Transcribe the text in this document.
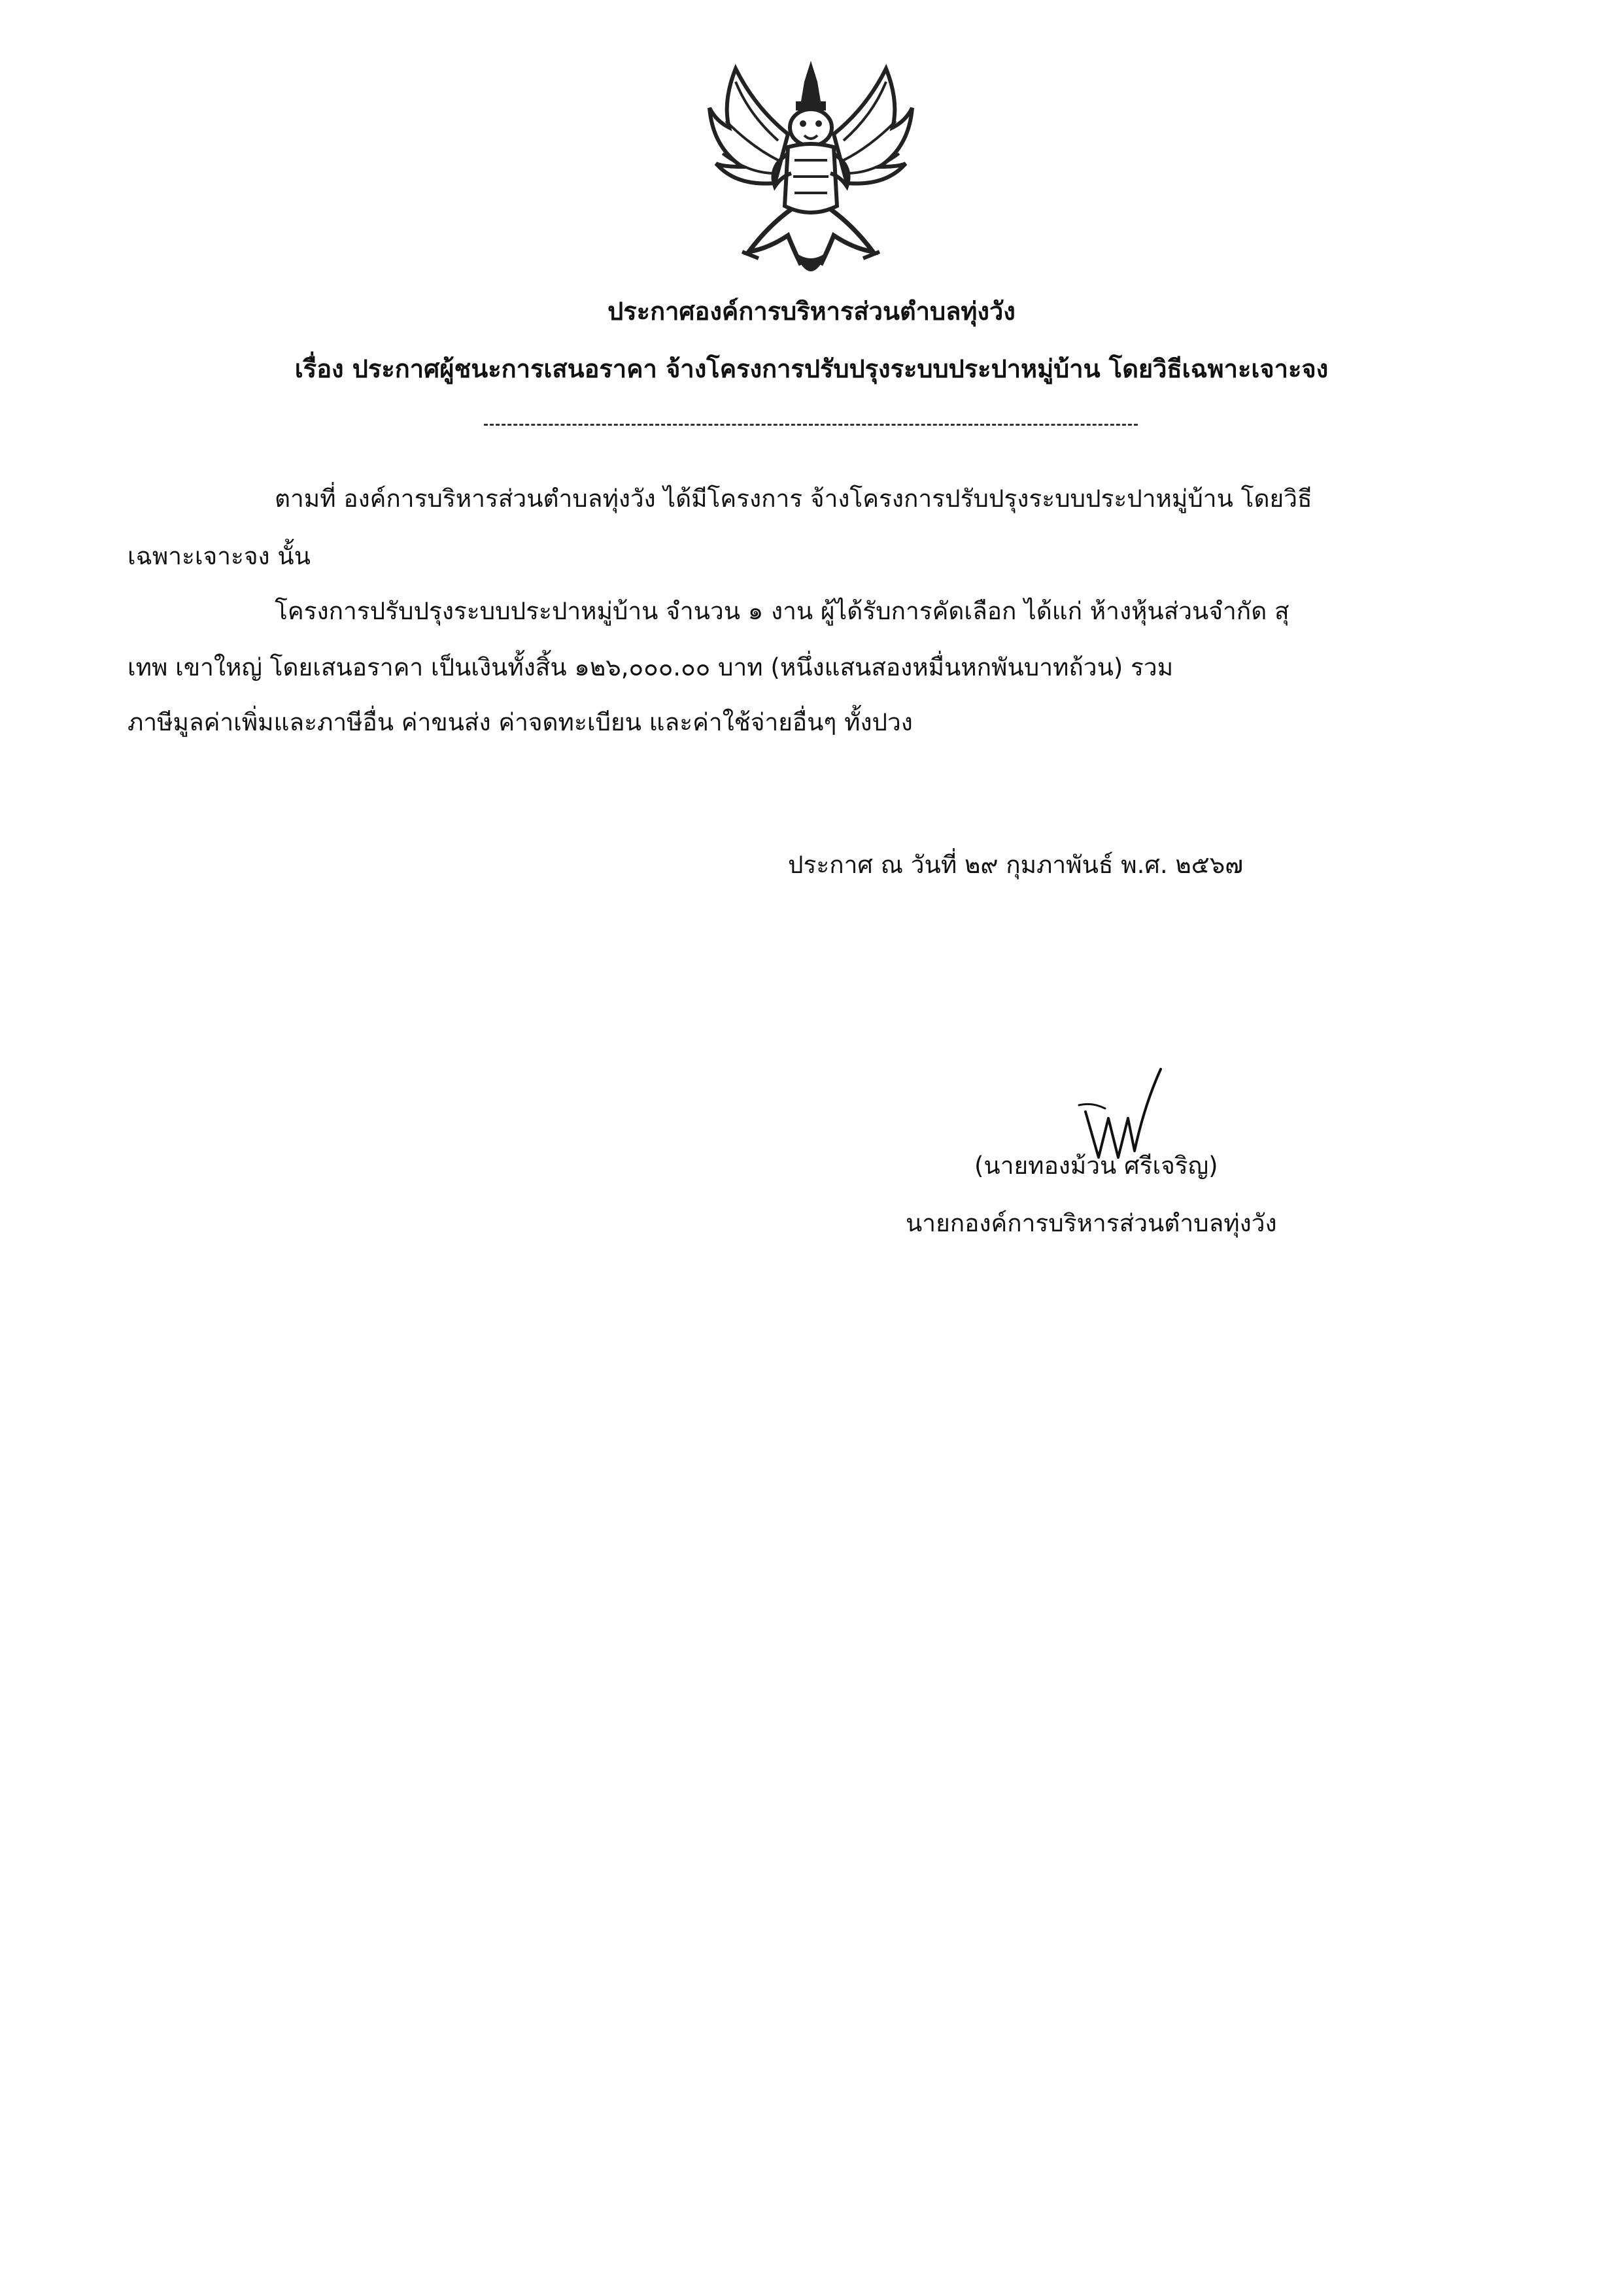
ประกาศองค์การบริหารส่วนตำบลทุ่งวัง
เรื่อง ประกาศผู้ชนะการเสนอราคา จ้างโครงการปรับปรุงระบบประปาหมู่บ้าน โดยวิธีเฉพาะเจาะจง
ตามที่ องค์การบริหารส่วนตำบลทุ่งวัง ได้มีโครงการ จ้างโครงการปรับปรุงระบบประปาหมู่บ้าน โดยวิธี
เฉพาะเจาะจง นั้น
โครงการปรับปรุงระบบประปาหมู่บ้าน จำนวน ๑ งาน ผู้ได้รับการคัดเลือก ได้แก่ ห้างหุ้นส่วนจำกัด สุ
เทพ เขาใหญ่ โดยเสนอราคา เป็นเงินทั้งสิ้น ๑๒๖,๐๐๐.๐๐ บาท (หนึ่งแสนสองหมื่นหกพันบาทถ้วน) รวม
ภาษีมูลค่าเพิ่มและภาษีอื่น ค่าขนส่ง ค่าจดทะเบียน และค่าใช้จ่ายอื่นๆ ทั้งปวง
ประกาศ ณ วันที่ ๒๙ กุมภาพันธ์ พ.ศ. ๒๕๖๗
(นายทองม้วน ศรีเจริญ)
นายกองค์การบริหารส่วนตำบลทุ่งวัง
